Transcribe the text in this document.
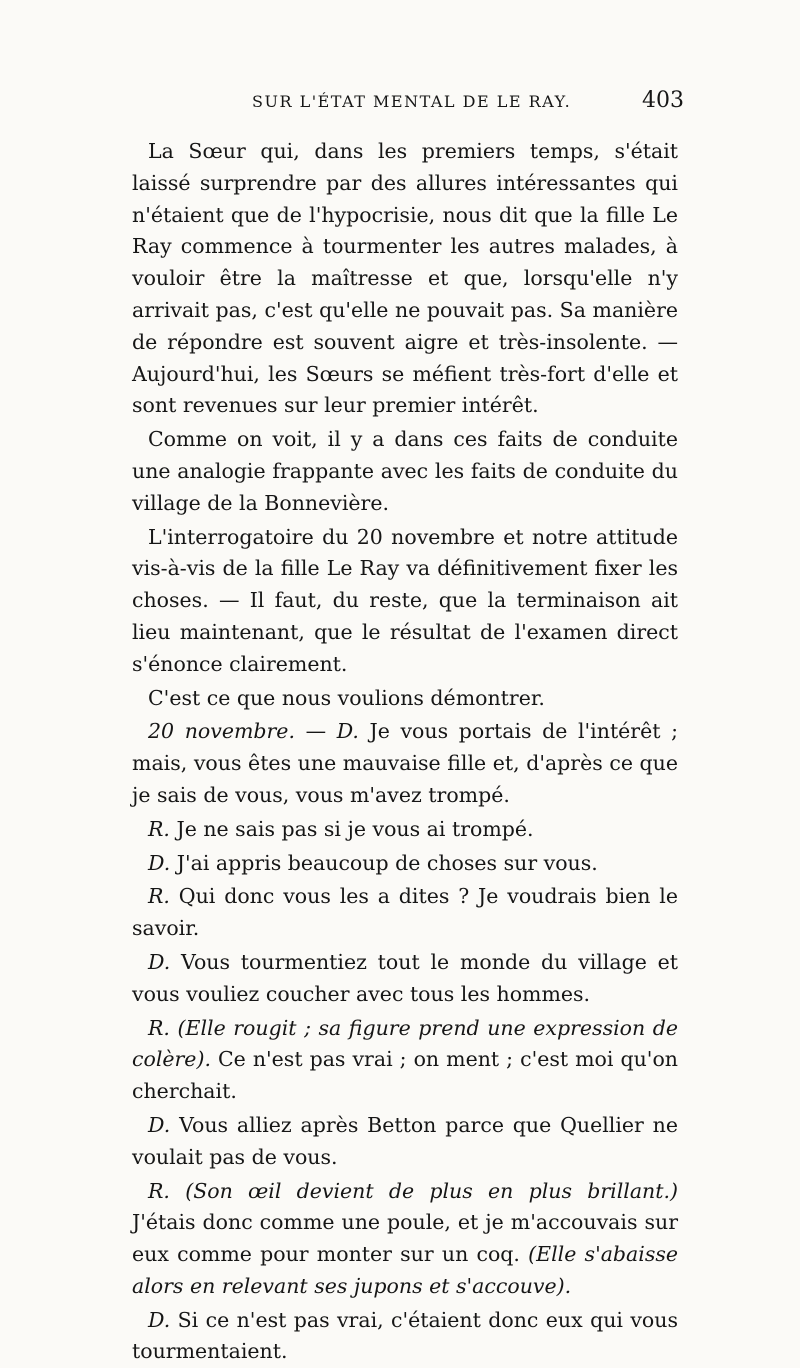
SUR L'ÉTAT MENTAL DE LE RAY.	403

La Sœur qui, dans les premiers temps, s'était laissé surprendre par des allures intéressantes qui n'étaient que de l'hypocrisie, nous dit que la fille Le Ray commence à tourmenter les autres malades, à vouloir être la maîtresse et que, lorsqu'elle n'y arrivait pas, c'est qu'elle ne pouvait pas. Sa manière de répondre est souvent aigre et très-insolente. — Aujourd'hui, les Sœurs se méfient très-fort d'elle et sont revenues sur leur premier intérêt.

Comme on voit, il y a dans ces faits de conduite une analogie frappante avec les faits de conduite du village de la Bonnevière.

L'interrogatoire du 20 novembre et notre attitude vis-à-vis de la fille Le Ray va définitivement fixer les choses. — Il faut, du reste, que la terminaison ait lieu maintenant, que le résultat de l'examen direct s'énonce clairement.

C'est ce que nous voulions démontrer.

20 novembre. — D. Je vous portais de l'intérêt ; mais, vous êtes une mauvaise fille et, d'après ce que je sais de vous, vous m'avez trompé.

R. Je ne sais pas si je vous ai trompé.

D. J'ai appris beaucoup de choses sur vous.

R. Qui donc vous les a dites ? Je voudrais bien le savoir.

D. Vous tourmentiez tout le monde du village et vous vouliez coucher avec tous les hommes.

R. (Elle rougit ; sa figure prend une expression de colère). Ce n'est pas vrai ; on ment ; c'est moi qu'on cherchait.

D. Vous alliez après Betton parce que Quellier ne voulait pas de vous.

R. (Son œil devient de plus en plus brillant.) J'étais donc comme une poule, et je m'accouvais sur eux comme pour monter sur un coq. (Elle s'abaisse alors en relevant ses jupons et s'accouve).

D. Si ce n'est pas vrai, c'étaient donc eux qui vous tourmentaient.
